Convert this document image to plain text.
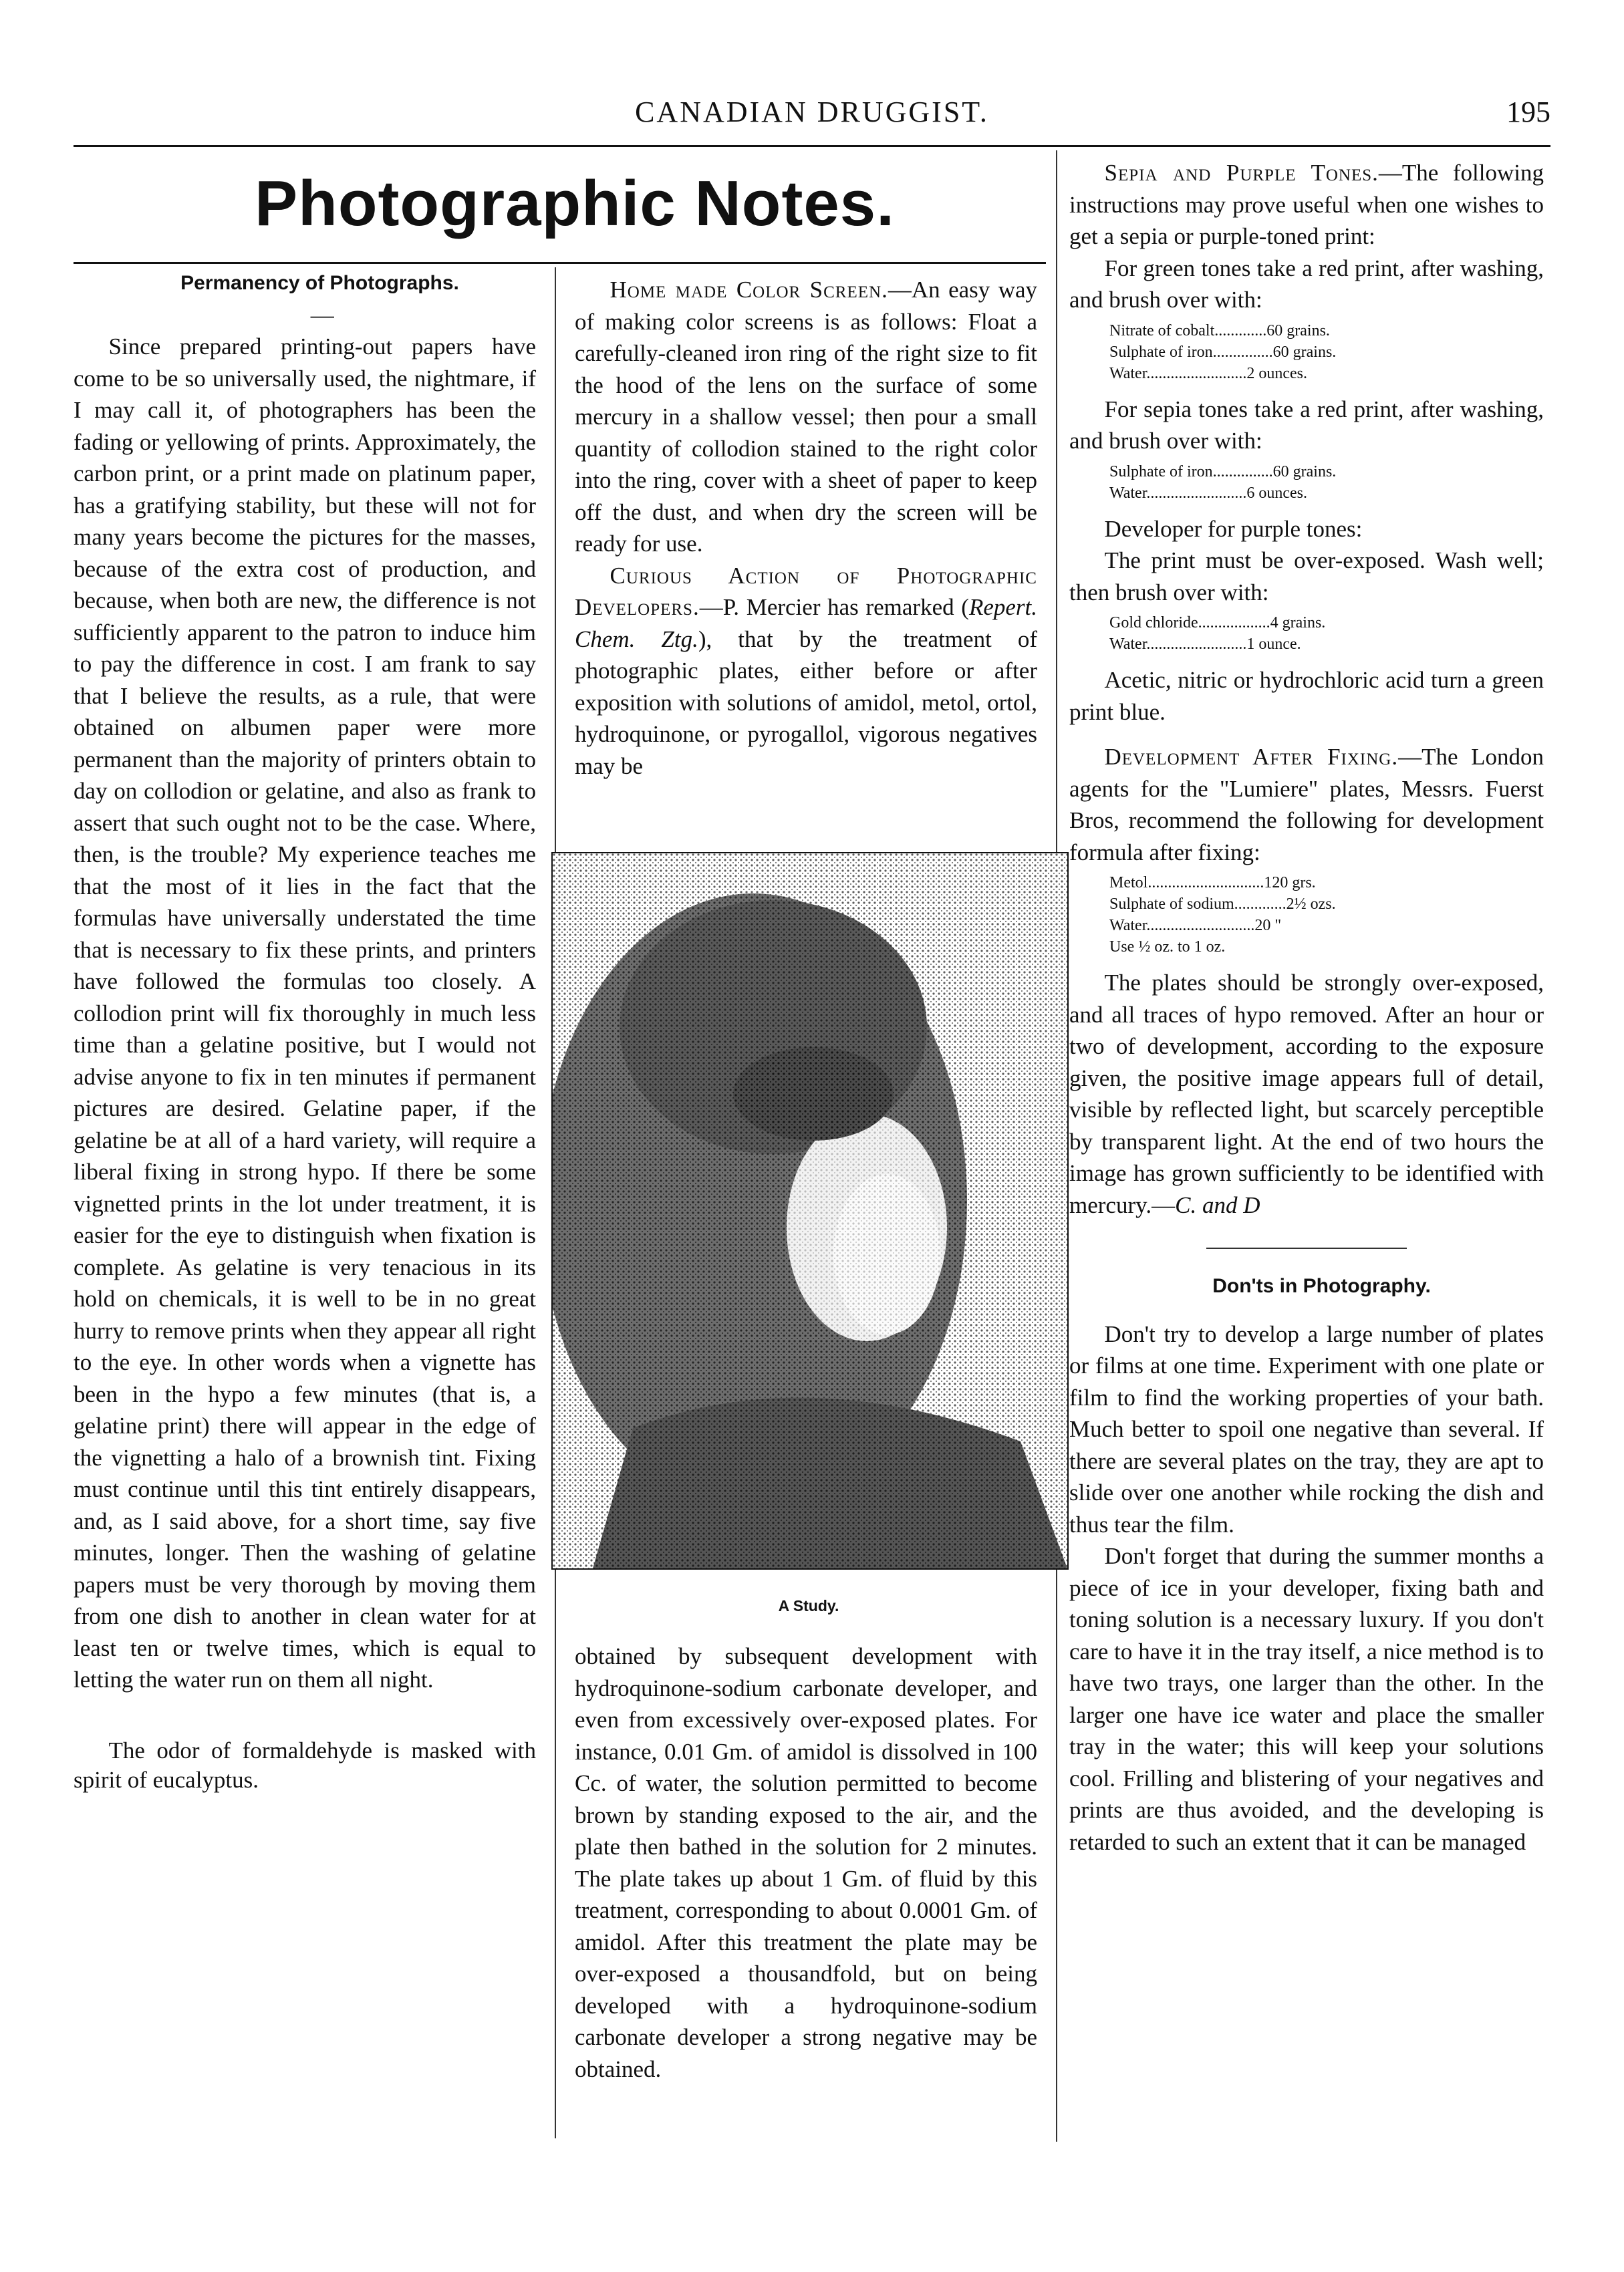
CANADIAN DRUGGIST.	195
Photographic Notes.

Permanency of Photographs.

—

Since prepared printing-out papers have come to be so universally used, the nightmare, if I may call it, of photographers has been the fading or yellowing of prints. Approximately, the carbon print, or a print made on platinum paper, has a gratifying stability, but these will not for many years become the pictures for the masses, because of the extra cost of production, and because, when both are new, the difference is not sufficiently apparent to the patron to induce him to pay the difference in cost. I am frank to say that I believe the results, as a rule, that were obtained on albumen paper were more permanent than the majority of printers obtain to day on collodion or gelatine, and also as frank to assert that such ought not to be the case. Where, then, is the trouble? My experience teaches me that the most of it lies in the fact that the formulas have universally understated the time that is necessary to fix these prints, and printers have followed the formulas too closely. A collodion print will fix thoroughly in much less time than a gelatine positive, but I would not advise anyone to fix in ten minutes if permanent pictures are desired. Gelatine paper, if the gelatine be at all of a hard variety, will require a liberal fixing in strong hypo. If there be some vignetted prints in the lot under treatment, it is easier for the eye to distinguish when fixation is complete. As gelatine is very tenacious in its hold on chemicals, it is well to be in no great hurry to remove prints when they appear all right to the eye. In other words when a vignette has been in the hypo a few minutes (that is, a gelatine print) there will appear in the edge of the vignetting a halo of a brownish tint. Fixing must continue until this tint entirely disappears, and, as I said above, for a short time, say five minutes, longer. Then the washing of gelatine papers must be very thorough by moving them from one dish to another in clean water for at least ten or twelve times, which is equal to letting the water run on them all night.

The odor of formaldehyde is masked with spirit of eucalyptus.

Home made Color Screen.—An easy way of making color screens is as follows: Float a carefully-cleaned iron ring of the right size to fit the hood of the lens on the surface of some mercury in a shallow vessel; then pour a small quantity of collodion stained to the right color into the ring, cover with a sheet of paper to keep off the dust, and when dry the screen will be ready for use.

Curious Action of Photographic Developers.—P. Mercier has remarked (Repert. Chem. Ztg.), that by the treatment of photographic plates, either before or after exposition with solutions of amidol, metol, ortol, hydroquinone, or pyrogallol, vigorous negatives may be

A Study.

obtained by subsequent development with hydroquinone-sodium carbonate developer, and even from excessively over-exposed plates. For instance, 0.01 Gm. of amidol is dissolved in 100 Cc. of water, the solution permitted to become brown by standing exposed to the air, and the plate then bathed in the solution for 2 minutes. The plate takes up about 1 Gm. of fluid by this treatment, corresponding to about 0.0001 Gm. of amidol. After this treatment the plate may be over-exposed a thousandfold, but on being developed with a hydroquinone-sodium carbonate developer a strong negative may be obtained.

Sepia and Purple Tones.—The following instructions may prove useful when one wishes to get a sepia or purple-toned print:

For green tones take a red print, after washing, and brush over with:

Nitrate of cobalt.............60 grains.
Sulphate of iron...............60 grains.
Water.........................2 ounces.

For sepia tones take a red print, after washing, and brush over with:

Sulphate of iron...............60 grains.
Water.........................6 ounces.

Developer for purple tones:

The print must be over-exposed. Wash well; then brush over with:

Gold chloride..................4 grains.
Water.........................1 ounce.

Acetic, nitric or hydrochloric acid turn a green print blue.

Development After Fixing.—The London agents for the "Lumiere" plates, Messrs. Fuerst Bros, recommend the following for development formula after fixing:

Metol.............................120 grs.
Sulphate of sodium.............2½ ozs.
Water...........................20 "
Use ½ oz. to 1 oz.

The plates should be strongly over-exposed, and all traces of hypo removed. After an hour or two of development, according to the exposure given, the positive image appears full of detail, visible by reflected light, but scarcely perceptible by transparent light. At the end of two hours the image has grown sufficiently to be identified with mercury.—C. and D

Don'ts in Photography.

Don't try to develop a large number of plates or films at one time. Experiment with one plate or film to find the working properties of your bath. Much better to spoil one negative than several. If there are several plates on the tray, they are apt to slide over one another while rocking the dish and thus tear the film.

Don't forget that during the summer months a piece of ice in your developer, fixing bath and toning solution is a necessary luxury. If you don't care to have it in the tray itself, a nice method is to have two trays, one larger than the other. In the larger one have ice water and place the smaller tray in the water; this will keep your solutions cool. Frilling and blistering of your negatives and prints are thus avoided, and the developing is retarded to such an extent that it can be managed
